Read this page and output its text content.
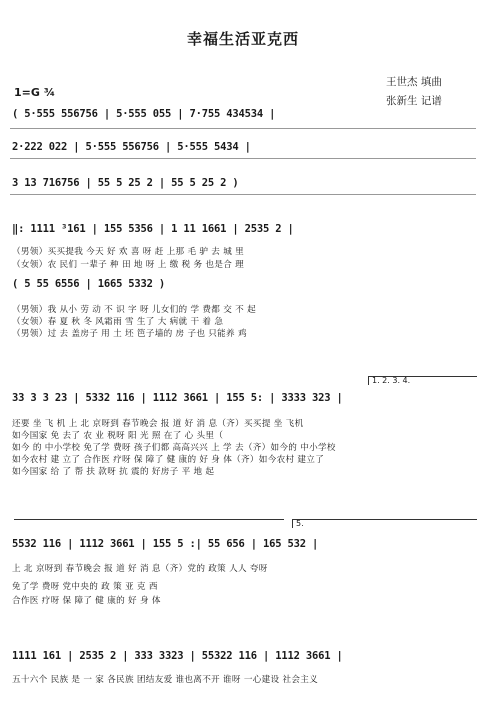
幸福生活亚克西
王世杰 填曲
张新生 记谱
1=G ¾
( 5·555 556756 | 5·555 055 | 7·755 434534 |
2·222 022 | 5·555 556756 | 5·555 5434 |
3 13 716756 | 55 5 25 2 | 55 5 25 2 )
‖: 1111 ³161 | 155 5356 | 1 11 1661 | 2535 2 |
（男领）买买提我 今天 好 欢 喜 呀 赶 上那 毛 驴 去 城 里
（女领）农 民们 一辈子 种 田 地 呀 上 缴 税 务 也是合 理
( 5 55 6556 | 1665 5332 )
（男领）我 从小 劳 动 不 识 字 呀 儿女们的 学 费都 交 不 起
（女领）春 夏 秋 冬 风霜雨 雪 生了 大 病就 干 着 急
（男领）过 去 盖房子 用 土 坯 笆子墙的 房 子也 只能养 鸡
1. 2. 3. 4.
33 3 3 23 | 5332 116 | 1112 3661 | 155 5: | 3333 323 |
还要 坐 飞 机 上 北 京呀到 春节晚会 报 道 好 消 息（齐）买买提 坐 飞机
如今国家 免 去了 农 业 税呀 阳 光 照 在了 心 头里（
如今 的 中小学校 免了学 费呀 孩子们都 高高兴兴 上 学 去（齐）如今的 中小学校
如今农村 建 立了 合作医 疗呀 保 障了 健 康的 好 身 体（齐）如今农村 建立了
如今国家 给 了 帮 扶 款呀 抗 震的 好房子 平 地 起
5.
5532 116 | 1112 3661 | 155 5 :| 55 656 | 165 532 |
上 北 京呀到 春节晚会 报 道 好 消 息（齐）党的 政策 人人 夸呀
免了学 费呀 党中央的 政 策 亚 克 西
合作医 疗呀 保 障了 健 康的 好 身 体
1111 161 | 2535 2 | 333 3323 | 55322 116 | 1112 3661 |
五十六个 民族 是 一 家 各民族 团结友爱 谁也离不开 谁呀 一心建设 社会主义
